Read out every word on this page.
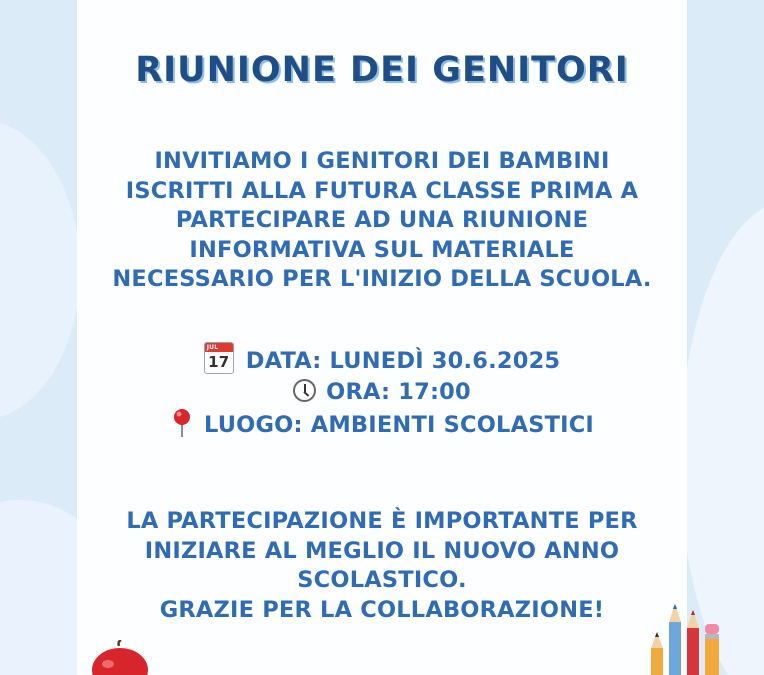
RIUNIONE DEI GENITORI
INVITIAMO I GENITORI DEI BAMBINI
ISCRITTI ALLA FUTURA CLASSE PRIMA A
PARTECIPARE AD UNA RIUNIONE
INFORMATIVA SUL MATERIALE
NECESSARIO PER L'INIZIO DELLA SCUOLA.
JUL
17 DATA: LUNEDÌ 30.6.2025
ORA: 17:00
LUOGO: AMBIENTI SCOLASTICI
LA PARTECIPAZIONE È IMPORTANTE PER
INIZIARE AL MEGLIO IL NUOVO ANNO
SCOLASTICO.
GRAZIE PER LA COLLABORAZIONE!
